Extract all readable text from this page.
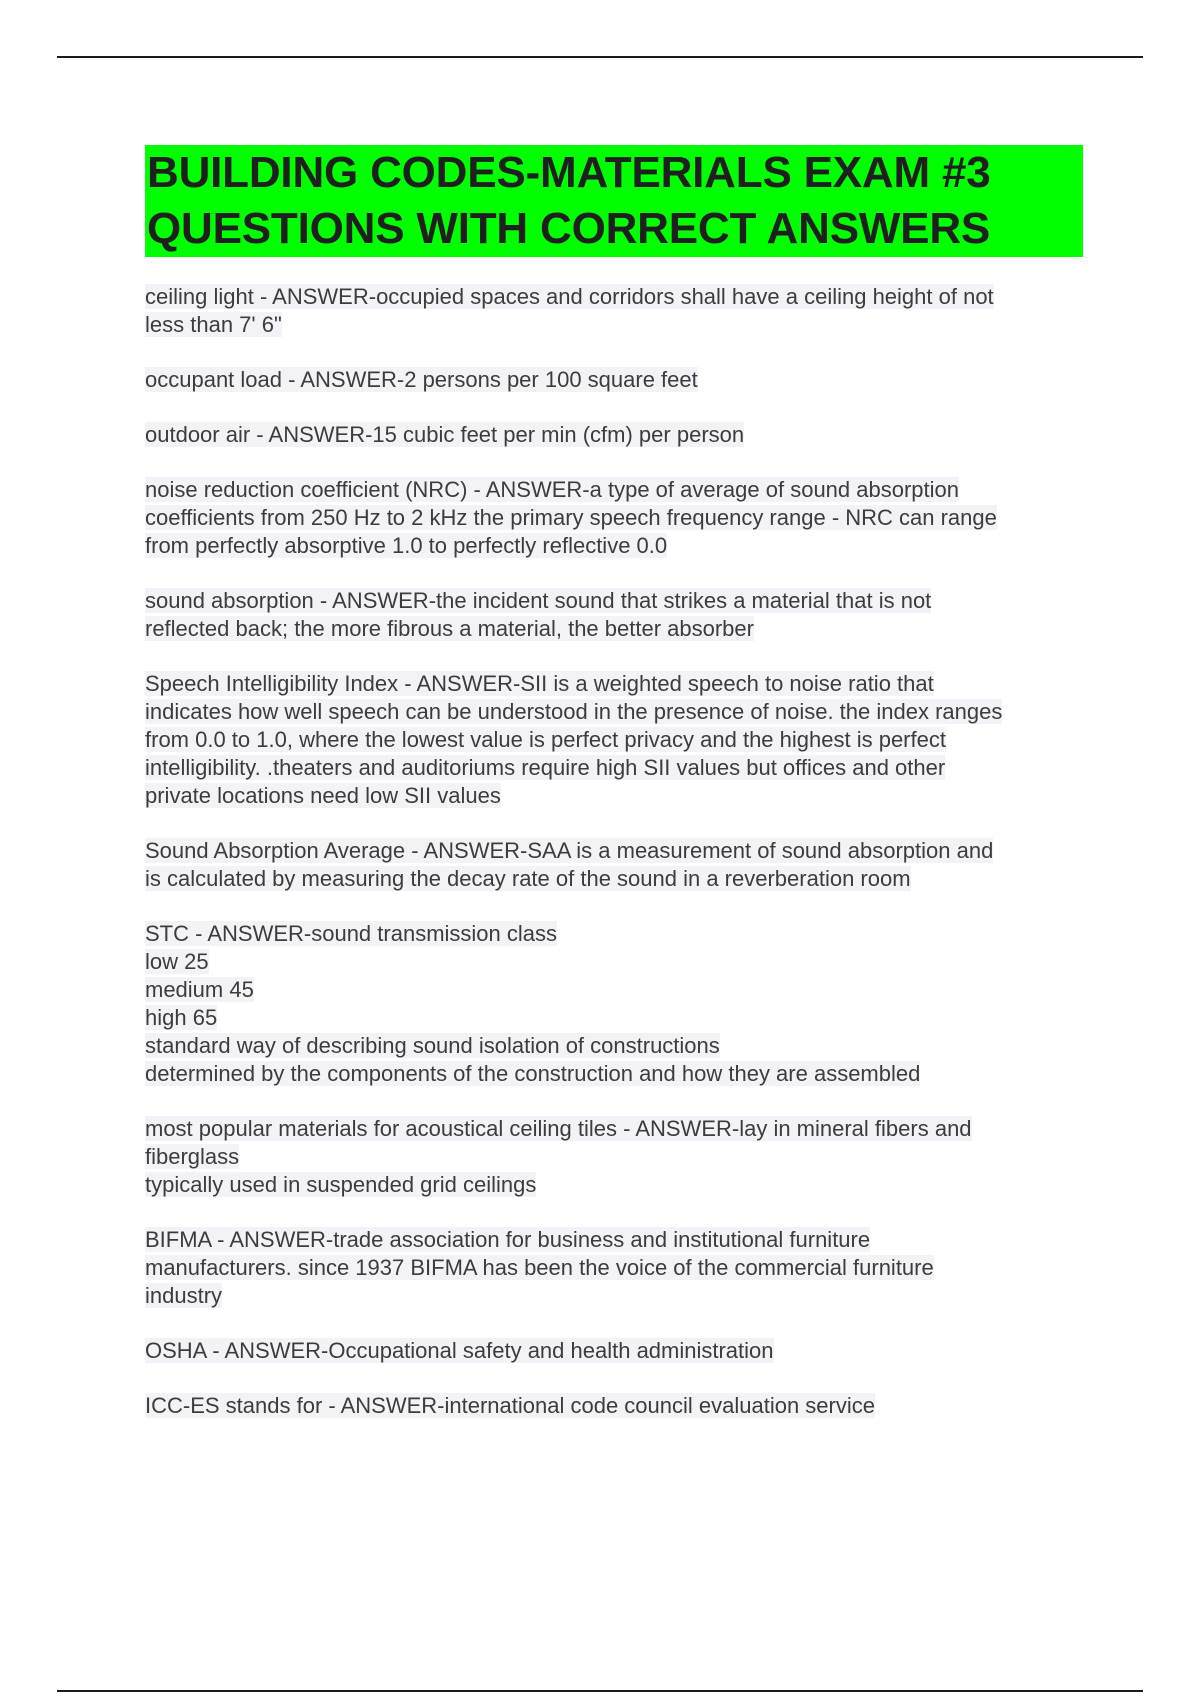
BUILDING CODES-MATERIALS EXAM #3
QUESTIONS WITH CORRECT ANSWERS
ceiling light - ANSWER-occupied spaces and corridors shall have a ceiling height of not
less than 7' 6"
occupant load - ANSWER-2 persons per 100 square feet
outdoor air - ANSWER-15 cubic feet per min (cfm) per person
noise reduction coefficient (NRC) - ANSWER-a type of average of sound absorption
coefficients from 250 Hz to 2 kHz the primary speech frequency range - NRC can range
from perfectly absorptive 1.0 to perfectly reflective 0.0
sound absorption - ANSWER-the incident sound that strikes a material that is not
reflected back; the more fibrous a material, the better absorber
Speech Intelligibility Index - ANSWER-SII is a weighted speech to noise ratio that
indicates how well speech can be understood in the presence of noise. the index ranges
from 0.0 to 1.0, where the lowest value is perfect privacy and the highest is perfect
intelligibility. .theaters and auditoriums require high SII values but offices and other
private locations need low SII values
Sound Absorption Average - ANSWER-SAA is a measurement of sound absorption and
is calculated by measuring the decay rate of the sound in a reverberation room
STC - ANSWER-sound transmission class
low 25
medium 45
high 65
standard way of describing sound isolation of constructions
determined by the components of the construction and how they are assembled
most popular materials for acoustical ceiling tiles - ANSWER-lay in mineral fibers and
fiberglass
typically used in suspended grid ceilings
BIFMA - ANSWER-trade association for business and institutional furniture
manufacturers. since 1937 BIFMA has been the voice of the commercial furniture
industry
OSHA - ANSWER-Occupational safety and health administration
ICC-ES stands for - ANSWER-international code council evaluation service
